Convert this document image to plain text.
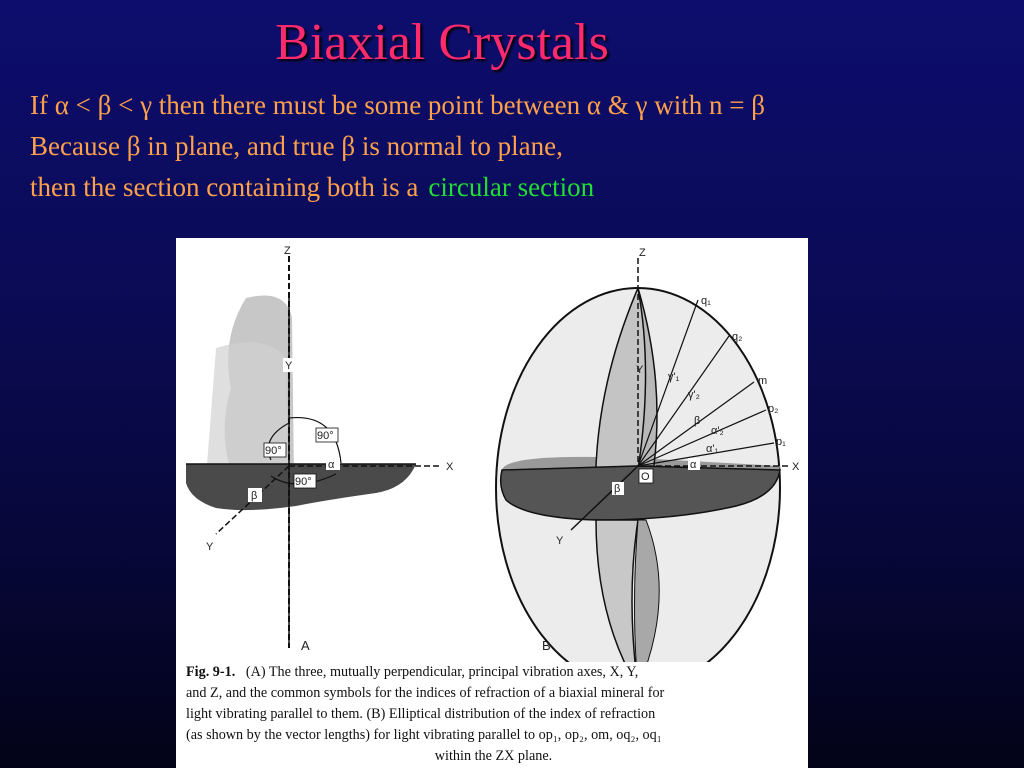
Biaxial Crystals
If α < β < γ then there must be some point between α & γ with n = β
Because β in plane, and true β is normal to plane,
then the section containing both is a circular section
Z
Y
X
Y
90°
90°
90°
α
β
A
O
Z
X
Y
Y
q₁
q₂
m
p₂
p₁
γ'₁
γ'₂
β
α'₂
α'₁
α
β
B

Fig. 9-1. (A) The three, mutually perpendicular, principal vibration axes, X, Y,

and Z, and the common symbols for the indices of refraction of a biaxial mineral for

light vibrating parallel to them. (B) Elliptical distribution of the index of refraction

(as shown by the vector lengths) for light vibrating parallel to op₁, op₂, om, oq₂, oq₁

within the ZX plane.
